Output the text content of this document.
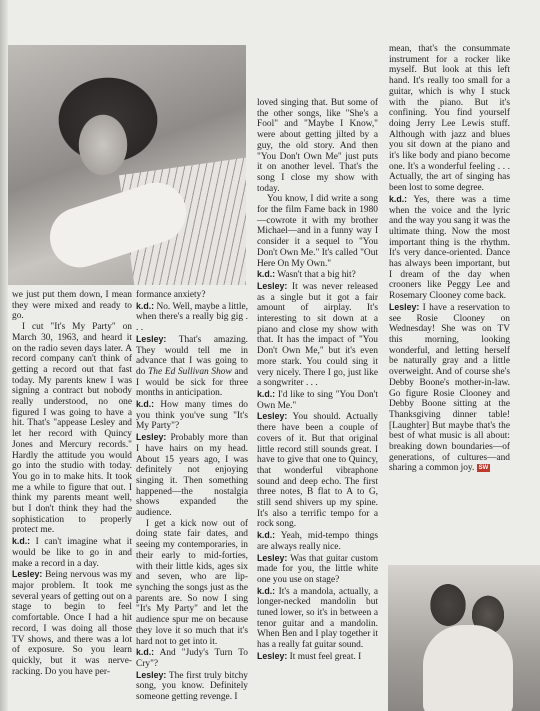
we just put them down, I mean they were mixed and ready to go.

I cut "It's My Party" on March 30, 1963, and heard it on the radio seven days later. A record company can't think of getting a record out that fast today. My parents knew I was signing a contract but nobody really understood, no one figured I was going to have a hit. That's "appease Lesley and let her record with Quincy Jones and Mercury records." Hardly the attitude you would go into the studio with today. You go in to make hits. It took me a while to figure that out. I think my parents meant well, but I don't think they had the sophistication to properly protect me.

k.d.: I can't imagine what it would be like to go in and make a record in a day.

Lesley: Being nervous was my major problem. It took me several years of getting out on a stage to begin to feel comfortable. Once I had a hit record, I was doing all those TV shows, and there was a lot of exposure. So you learn quickly, but it was nerve-racking. Do you have per-

formance anxiety?

k.d.: No. Well, maybe a little, when there's a really big gig . . .

Lesley: That's amazing. They would tell me in advance that I was going to do The Ed Sullivan Show and I would be sick for three months in anticipation.

k.d.: How many times do you think you've sung "It's My Party"?

Lesley: Probably more than I have hairs on my head. About 15 years ago, I was definitely not enjoying singing it. Then something happened—the nostalgia shows expanded the audience.

I get a kick now out of doing state fair dates, and seeing my contemporaries, in their early to mid-forties, with their little kids, ages six and seven, who are lip-synching the songs just as the parents are. So now I sing "It's My Party" and let the audience spur me on because they love it so much that it's hard not to get into it.

k.d.: And "Judy's Turn To Cry"?

Lesley: The first truly bitchy song, you know. Definitely someone getting revenge. I

loved singing that. But some of the other songs, like "She's a Fool" and "Maybe I Know," were about getting jilted by a guy, the old story. And then "You Don't Own Me" just puts it on another level. That's the song I close my show with today.

You know, I did write a song for the film Fame back in 1980—cowrote it with my brother Michael—and in a funny way I consider it a sequel to "You Don't Own Me." It's called "Out Here On My Own."

k.d.: Wasn't that a big hit?

Lesley: It was never released as a single but it got a fair amount of airplay. It's interesting to sit down at a piano and close my show with that. It has the impact of "You Don't Own Me," but it's even more stark. You could sing it very nicely. There I go, just like a songwriter . . .

k.d.: I'd like to sing "You Don't Own Me."

Lesley: You should. Actually there have been a couple of covers of it. But that original little record still sounds great. I have to give that one to Quincy, that wonderful vibraphone sound and deep echo. The first three notes, B flat to A to G, still send shivers up my spine. It's also a terrific tempo for a rock song.

k.d.: Yeah, mid-tempo things are always really nice.

Lesley: Was that guitar custom made for you, the little white one you use on stage?

k.d.: It's a mandola, actually, a longer-necked mandolin but tuned lower, so it's in between a tenor guitar and a mandolin. When Ben and I play together it has a really fat guitar sound.

Lesley: It must feel great. I

mean, that's the consummate instrument for a rocker like myself. But look at this left hand. It's really too small for a guitar, which is why I stuck with the piano. But it's confining. You find yourself doing Jerry Lee Lewis stuff. Although with jazz and blues you sit down at the piano and it's like body and piano become one. It's a wonderful feeling . . . Actually, the art of singing has been lost to some degree.

k.d.: Yes, there was a time when the voice and the lyric and the way you sang it was the ultimate thing. Now the most important thing is the rhythm. It's very dance-oriented. Dance has always been important, but I dream of the day when crooners like Peggy Lee and Rosemary Clooney come back.

Lesley: I have a reservation to see Rosie Clooney on Wednesday! She was on TV this morning, looking wonderful, and letting herself be naturally gray and a little overweight. And of course she's Debby Boone's mother-in-law. Go figure Rosie Clooney and Debby Boone sitting at the Thanksgiving dinner table! [Laughter] But maybe that's the best of what music is all about: breaking down boundaries—of generations, of cultures—and sharing a common joy. SW
